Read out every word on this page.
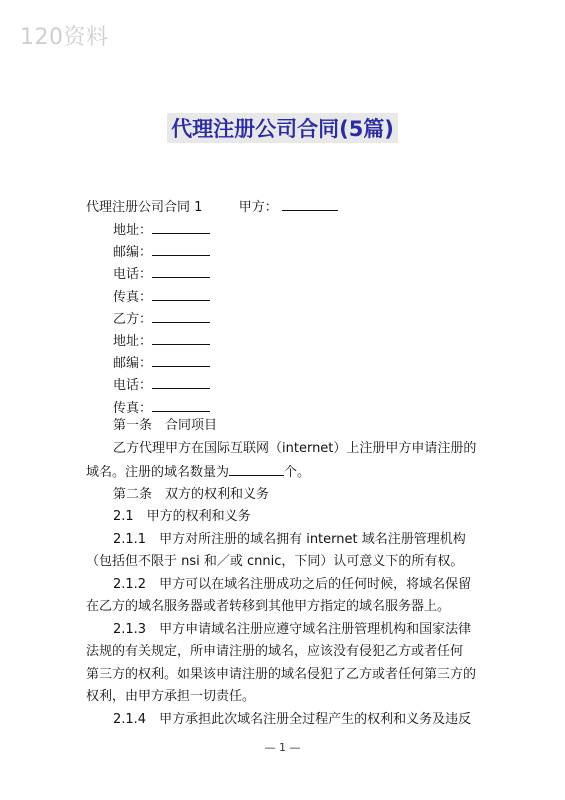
120资料
代理注册公司合同(5篇)
代理注册公司合同 1	甲方：
地址：
邮编：
电话：
传真：
乙方：
地址：
邮编：
电话：
传真：
第一条　合同项目
乙方代理甲方在国际互联网（internet）上注册甲方申请注册的
域名。注册的域名数量为	个。
第二条　双方的权利和义务
2.1　甲方的权利和义务
2.1.1　甲方对所注册的域名拥有 internet 域名注册管理机构
（包括但不限于 nsi 和／或 cnnic，下同）认可意义下的所有权。
2.1.2　甲方可以在域名注册成功之后的任何时候，将域名保留
在乙方的域名服务器或者转移到其他甲方指定的域名服务器上。
2.1.3　甲方申请域名注册应遵守域名注册管理机构和国家法律
法规的有关规定，所申请注册的域名，应该没有侵犯乙方或者任何
第三方的权利。如果该申请注册的域名侵犯了乙方或者任何第三方的
权利，由甲方承担一切责任。
2.1.4　甲方承担此次域名注册全过程产生的权利和义务及违反
— 1 —
